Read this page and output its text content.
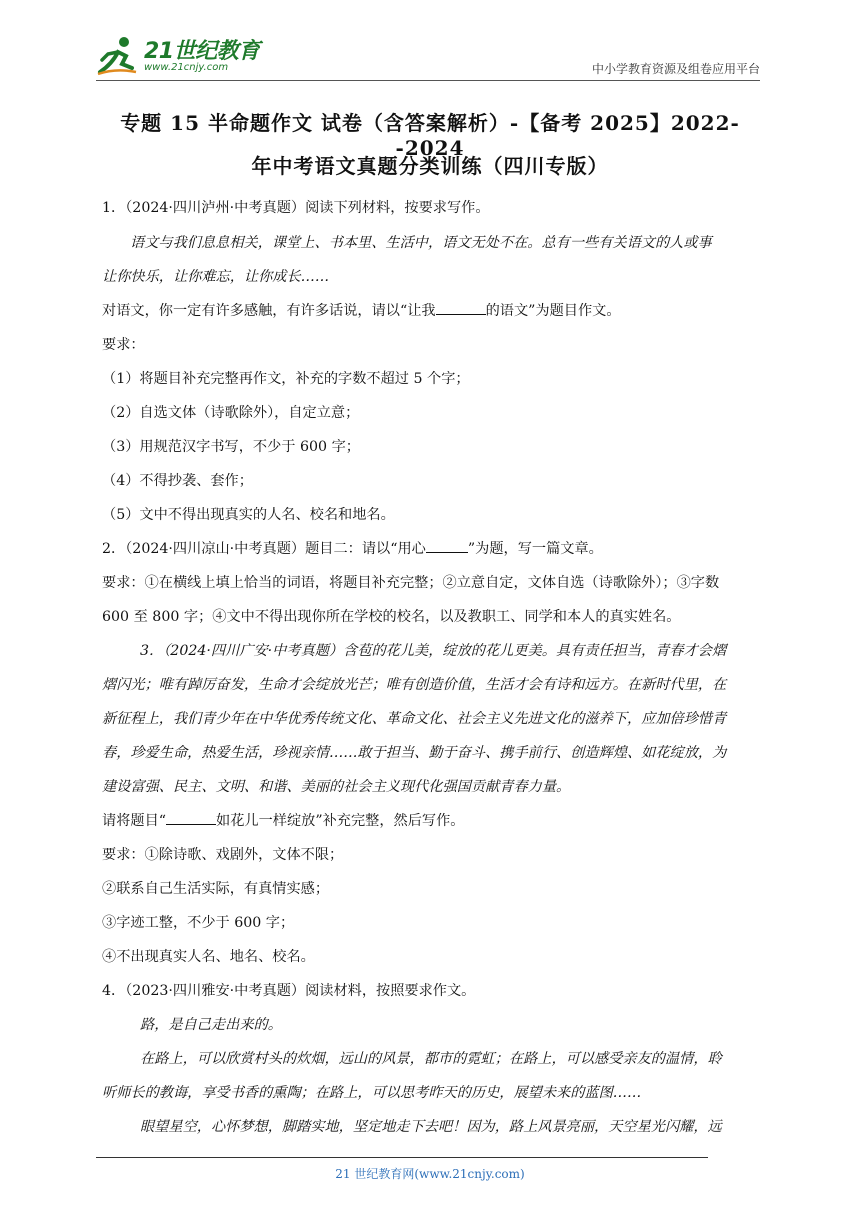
21世纪教育
www.21cnjy.com	中小学教育资源及组卷应用平台
专题 15 半命题作文 试卷（含答案解析）-【备考 2025】2022--2024
年中考语文真题分类训练（四川专版）
1．（2024·四川泸州·中考真题）阅读下列材料，按要求写作。
语文与我们息息相关，课堂上、书本里、生活中，语文无处不在。总有一些有关语文的人或事
让你快乐，让你难忘，让你成长……
对语文，你一定有许多感触，有许多话说，请以“让我	的语文”为题目作文。
要求：
（1）将题目补充完整再作文，补充的字数不超过 5 个字；
（2）自选文体（诗歌除外），自定立意；
（3）用规范汉字书写，不少于 600 字；
（4）不得抄袭、套作；
（5）文中不得出现真实的人名、校名和地名。
2．（2024·四川凉山·中考真题）题目二：请以“用心	”为题，写一篇文章。
要求：①在横线上填上恰当的词语，将题目补充完整；②立意自定，文体自选（诗歌除外）；③字数
600 至 800 字；④文中不得出现你所在学校的校名，以及教职工、同学和本人的真实姓名。
3．（2024·四川广安·中考真题）含苞的花儿美，绽放的花儿更美。具有责任担当，青春才会熠
熠闪光；唯有踔厉奋发，生命才会绽放光芒；唯有创造价值，生活才会有诗和远方。在新时代里，在
新征程上，我们青少年在中华优秀传统文化、革命文化、社会主义先进文化的滋养下，应加倍珍惜青
春，珍爱生命，热爱生活，珍视亲情……敢于担当、勤于奋斗、携手前行、创造辉煌、如花绽放，为
建设富强、民主、文明、和谐、美丽的社会主义现代化强国贡献青春力量。
请将题目“	如花儿一样绽放”补充完整，然后写作。
要求：①除诗歌、戏剧外，文体不限；
②联系自己生活实际，有真情实感；
③字迹工整，不少于 600 字；
④不出现真实人名、地名、校名。
4．（2023·四川雅安·中考真题）阅读材料，按照要求作文。
路，是自己走出来的。
在路上，可以欣赏村头的炊烟，远山的风景，都市的霓虹；在路上，可以感受亲友的温情，聆
听师长的教诲，享受书香的熏陶；在路上，可以思考昨天的历史，展望未来的蓝图……
眼望星空，心怀梦想，脚踏实地，坚定地走下去吧！因为，路上风景亮丽，天空星光闪耀，远
21 世纪教育网(www.21cnjy.com)
